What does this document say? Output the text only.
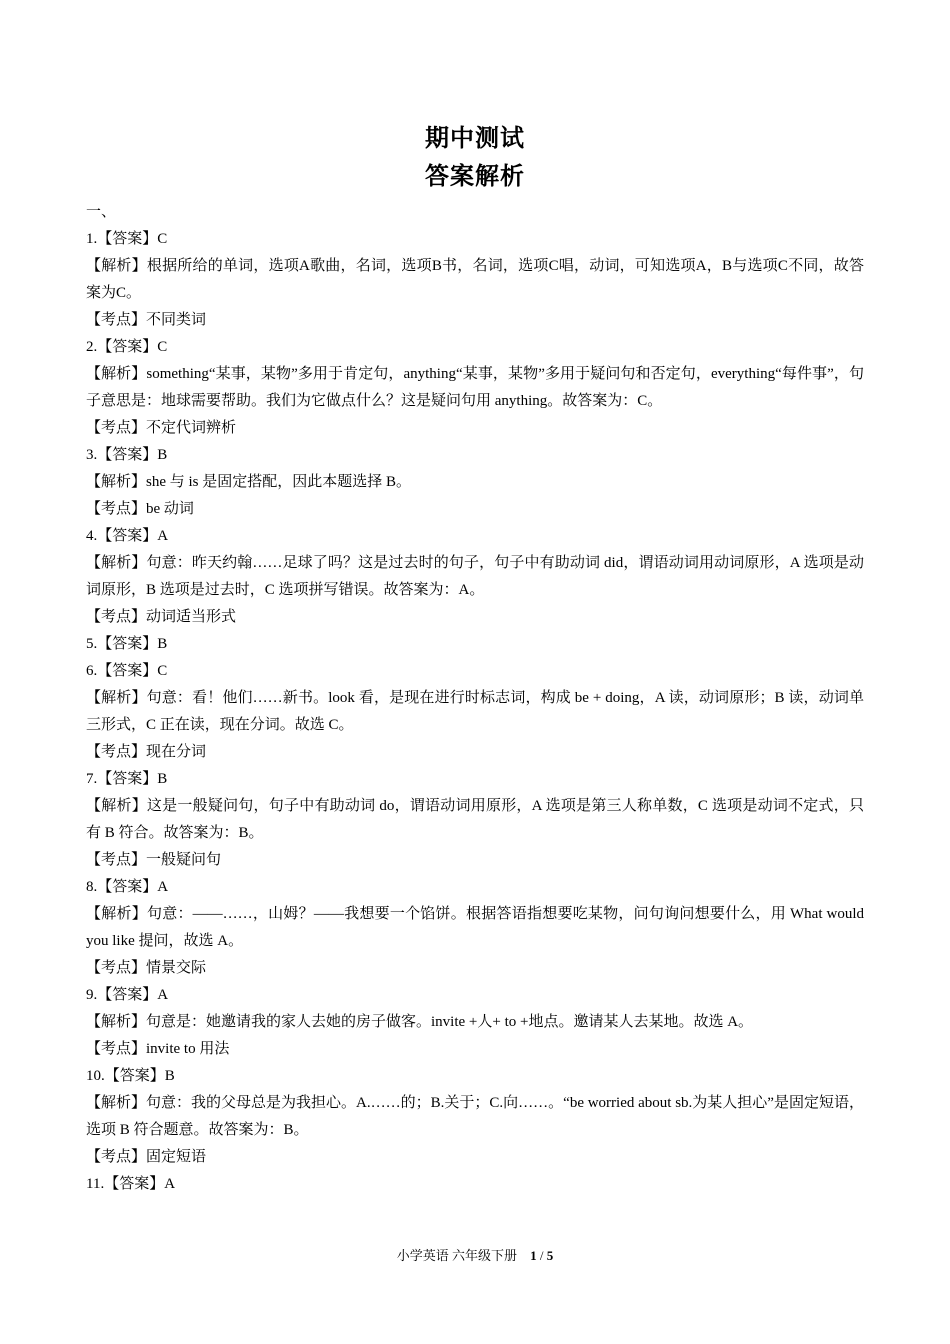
期中测试
答案解析
一、
1.【答案】C
【解析】根据所给的单词，选项A歌曲，名词，选项B书，名词，选项C唱，动词，可知选项A，B与选项C不同，故答案为C。
【考点】不同类词
2.【答案】C
【解析】something“某事，某物”多用于肯定句，anything“某事，某物”多用于疑问句和否定句，everything“每件事”，句子意思是：地球需要帮助。我们为它做点什么？这是疑问句用 anything。故答案为：C。
【考点】不定代词辨析
3.【答案】B
【解析】she 与 is 是固定搭配，因此本题选择 B。
【考点】be 动词
4.【答案】A
【解析】句意：昨天约翰……足球了吗？这是过去时的句子，句子中有助动词 did，谓语动词用动词原形，A 选项是动词原形，B 选项是过去时，C 选项拼写错误。故答案为：A。
【考点】动词适当形式
5.【答案】B
6.【答案】C
【解析】句意：看！他们……新书。look 看，是现在进行时标志词，构成 be + doing，A 读，动词原形；B 读，动词单三形式，C 正在读，现在分词。故选 C。
【考点】现在分词
7.【答案】B
【解析】这是一般疑问句，句子中有助动词 do，谓语动词用原形，A 选项是第三人称单数，C 选项是动词不定式，只有 B 符合。故答案为：B。
【考点】一般疑问句
8.【答案】A
【解析】句意：——……，山姆？——我想要一个馅饼。根据答语指想要吃某物，问句询问想要什么，用 What would you like 提问，故选 A。
【考点】情景交际
9.【答案】A
【解析】句意是：她邀请我的家人去她的房子做客。invite +人+ to +地点。邀请某人去某地。故选 A。
【考点】invite to 用法
10.【答案】B
【解析】句意：我的父母总是为我担心。A.……的；B.关于；C.向……。“be worried about sb.为某人担心”是固定短语，选项 B 符合题意。故答案为：B。
【考点】固定短语
11.【答案】A
小学英语 六年级下册 1 / 5
